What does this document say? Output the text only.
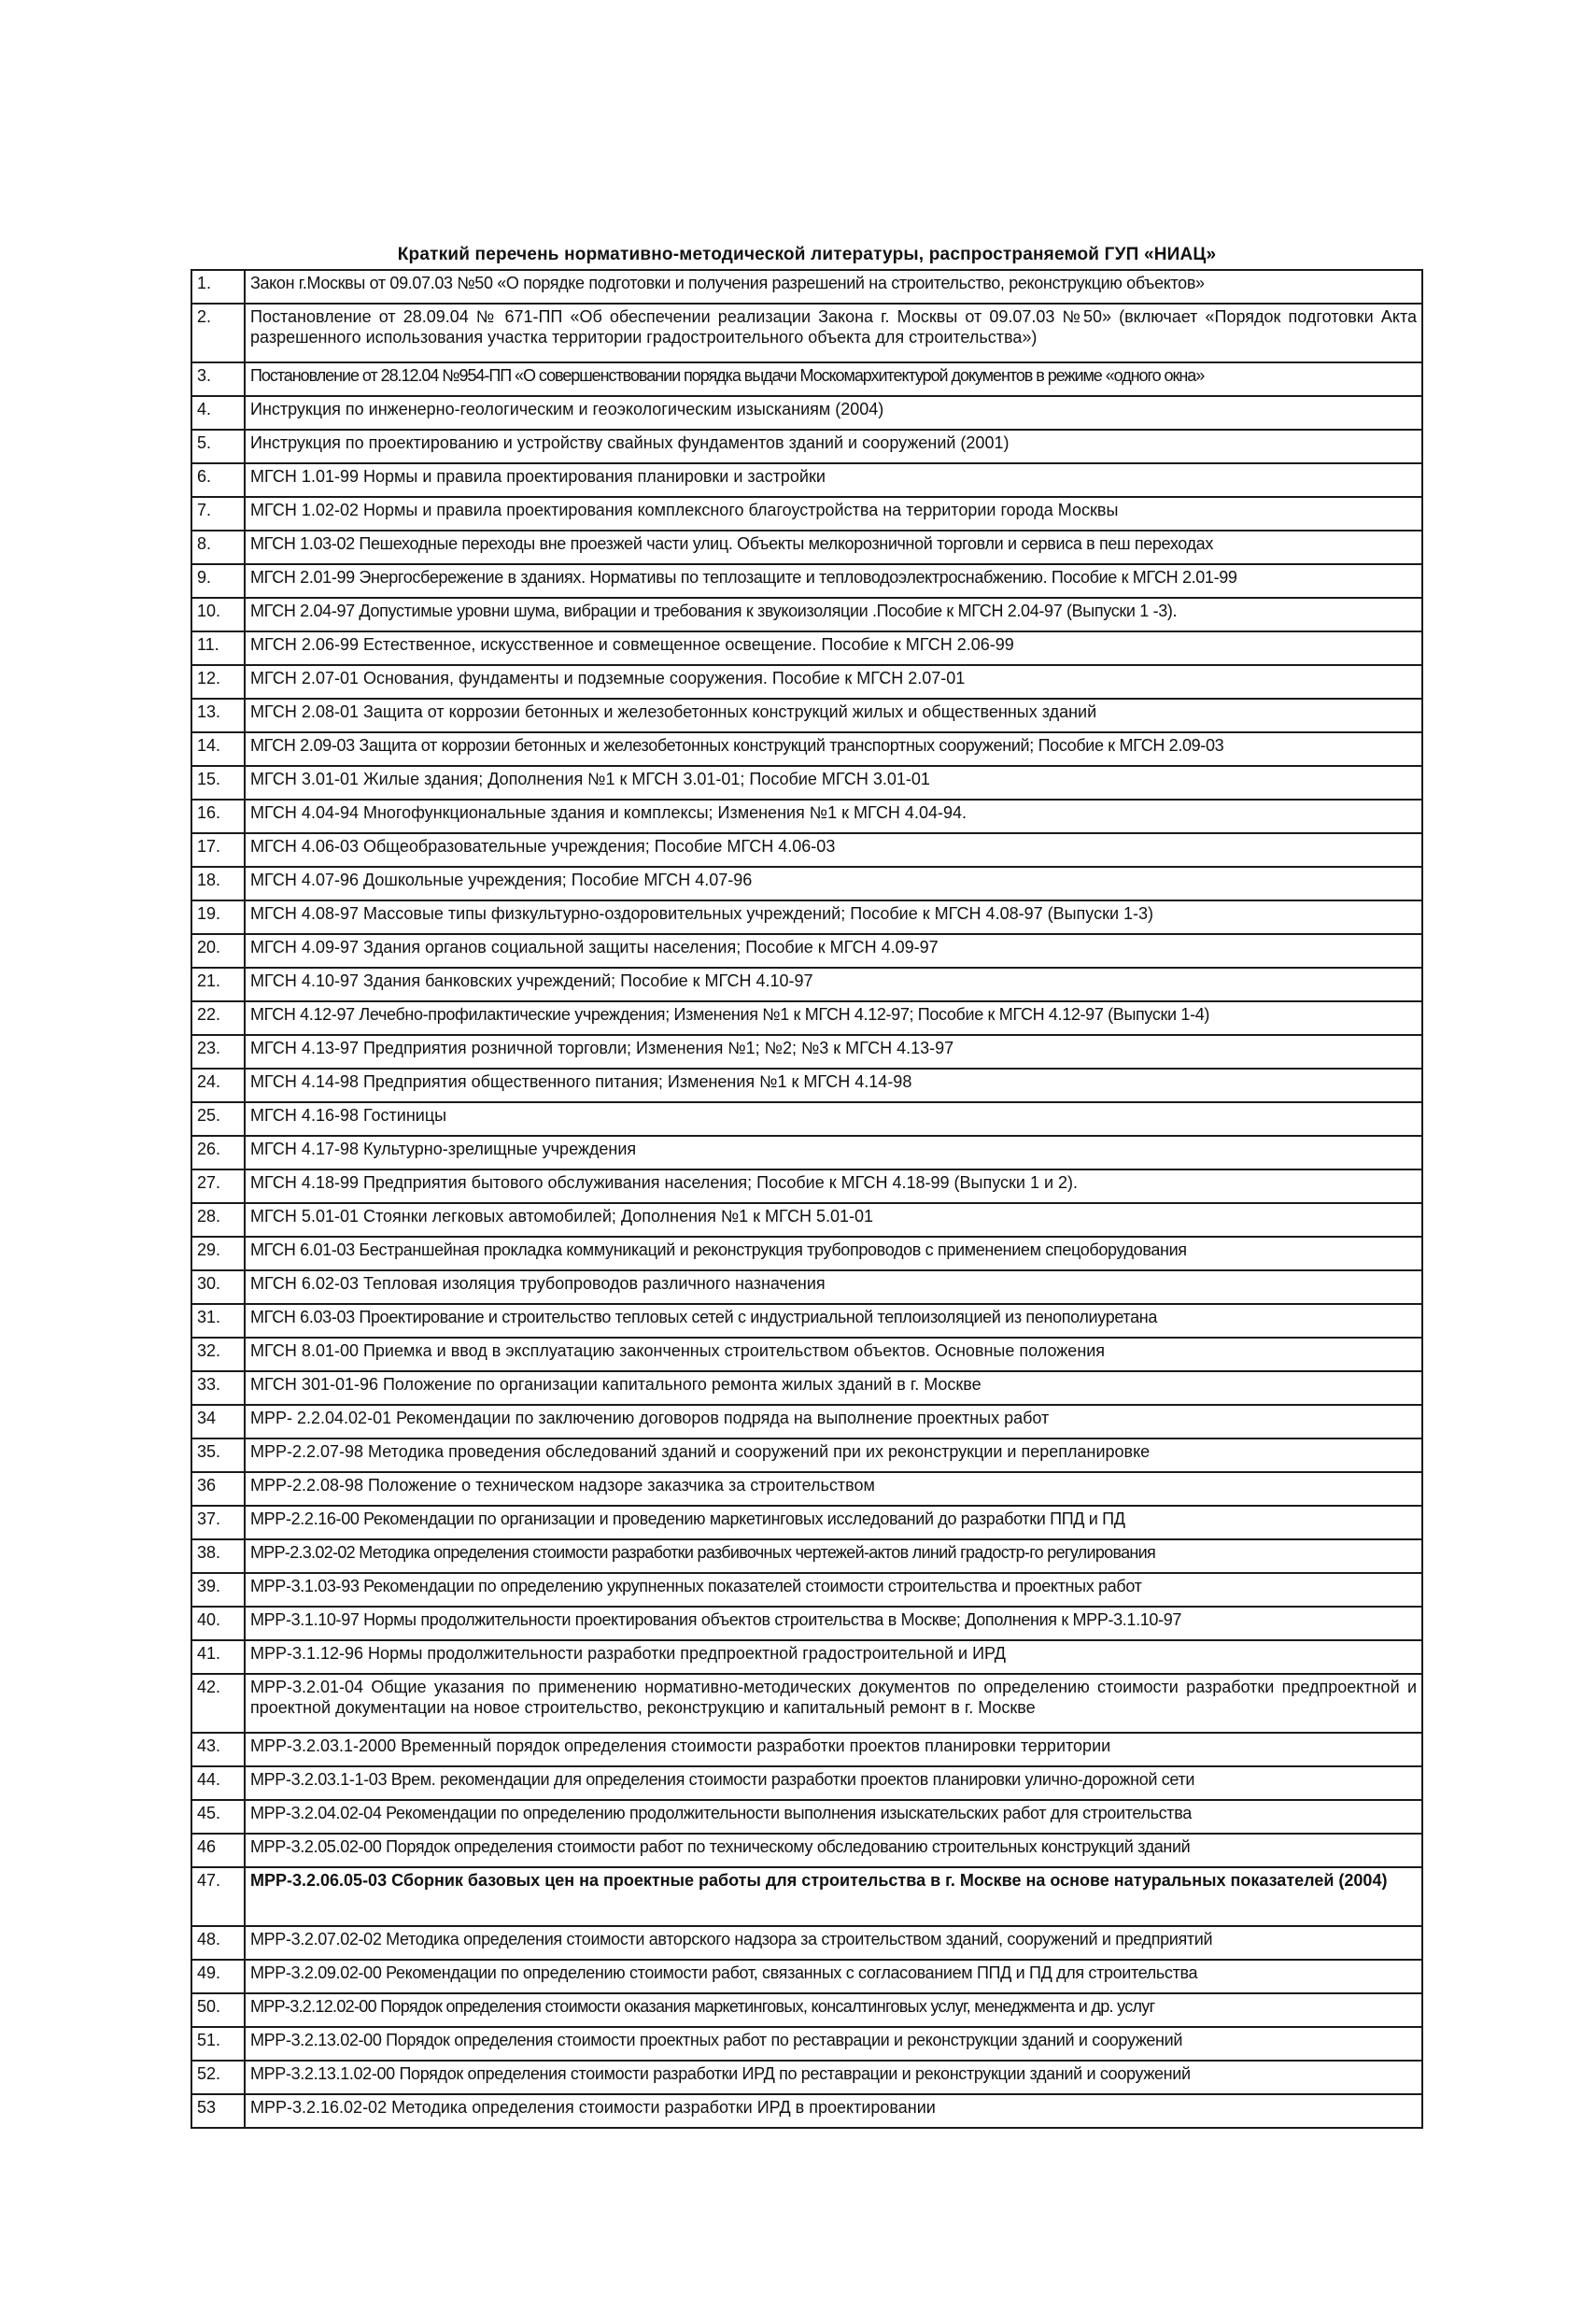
Краткий перечень нормативно-методической литературы, распространяемой ГУП «НИАЦ»
1.	Закон г.Москвы от 09.07.03 №50 «О порядке подготовки и получения разрешений на строительство, реконструкцию объектов»
2.	Постановление от 28.09.04 № 671-ПП «Об обеспечении реализации Закона г. Москвы от 09.07.03 №50» (включает «Порядок подготовки Акта разрешенного использования участка территории градостроительного объекта для строительства»)
3.	Постановление от 28.12.04 №954-ПП «О совершенствовании порядка выдачи Москомархитектурой документов в режиме «одного окна»
4.	Инструкция по инженерно-геологическим и геоэкологическим изысканиям (2004)
5.	Инструкция по проектированию и устройству свайных фундаментов зданий и сооружений (2001)
6.	МГСН 1.01-99 Нормы и правила проектирования планировки и застройки
7.	МГСН 1.02-02 Нормы и правила проектирования комплексного благоустройства на территории города Москвы
8.	МГСН 1.03-02 Пешеходные переходы вне проезжей части улиц. Объекты мелкорозничной торговли и сервиса в пеш переходах
9.	МГСН 2.01-99 Энергосбережение в зданиях. Нормативы по теплозащите и тепловодоэлектроснабжению. Пособие к МГСН 2.01-99
10.	МГСН 2.04-97 Допустимые уровни шума, вибрации и требования к звукоизоляции .Пособие к МГСН 2.04-97 (Выпуски 1 -3).
11.	МГСН 2.06-99 Естественное, искусственное и совмещенное освещение. Пособие к МГСН 2.06-99
12.	МГСН 2.07-01 Основания, фундаменты и подземные сооружения. Пособие к МГСН 2.07-01
13.	МГСН 2.08-01 Защита от коррозии бетонных и железобетонных конструкций жилых и общественных зданий
14.	МГСН 2.09-03 Защита от коррозии бетонных и железобетонных конструкций транспортных сооружений; Пособие к МГСН 2.09-03
15.	МГСН 3.01-01 Жилые здания; Дополнения №1 к МГСН 3.01-01; Пособие МГСН 3.01-01
16.	МГСН 4.04-94 Многофункциональные здания и комплексы; Изменения №1 к МГСН 4.04-94.
17.	МГСН 4.06-03 Общеобразовательные учреждения; Пособие МГСН 4.06-03
18.	МГСН 4.07-96 Дошкольные учреждения; Пособие МГСН 4.07-96
19.	МГСН 4.08-97 Массовые типы физкультурно-оздоровительных учреждений; Пособие к МГСН 4.08-97 (Выпуски 1-3)
20.	МГСН 4.09-97 Здания органов социальной защиты населения; Пособие к МГСН 4.09-97
21.	МГСН 4.10-97 Здания банковских учреждений; Пособие к МГСН 4.10-97
22.	МГСН 4.12-97 Лечебно-профилактические учреждения; Изменения №1 к МГСН 4.12-97; Пособие к МГСН 4.12-97 (Выпуски 1-4)
23.	МГСН 4.13-97 Предприятия розничной торговли; Изменения №1; №2; №3 к МГСН 4.13-97
24.	МГСН 4.14-98 Предприятия общественного питания; Изменения №1 к МГСН 4.14-98
25.	МГСН 4.16-98 Гостиницы
26.	МГСН 4.17-98 Культурно-зрелищные учреждения
27.	МГСН 4.18-99 Предприятия бытового обслуживания населения; Пособие к МГСН 4.18-99 (Выпуски 1 и 2).
28.	МГСН 5.01-01 Стоянки легковых автомобилей; Дополнения №1 к МГСН 5.01-01
29.	МГСН 6.01-03 Бестраншейная прокладка коммуникаций и реконструкция трубопроводов с применением спецоборудования
30.	МГСН 6.02-03 Тепловая изоляция трубопроводов различного назначения
31.	МГСН 6.03-03 Проектирование и строительство тепловых сетей с индустриальной теплоизоляцией из пенополиуретана
32.	МГСН 8.01-00 Приемка и ввод в эксплуатацию законченных строительством объектов. Основные положения
33.	МГСН 301-01-96 Положение по организации капитального ремонта жилых зданий в г. Москве
34	МРР- 2.2.04.02-01 Рекомендации по заключению договоров подряда на выполнение проектных работ
35.	МРР-2.2.07-98 Методика проведения обследований зданий и сооружений при их реконструкции и перепланировке
36	МРР-2.2.08-98 Положение о техническом надзоре заказчика за строительством
37.	МРР-2.2.16-00 Рекомендации по организации и проведению маркетинговых исследований до разработки ППД и ПД
38.	МРР-2.3.02-02 Методика определения стоимости разработки разбивочных чертежей-актов линий градостр-го регулирования
39.	МРР-3.1.03-93 Рекомендации по определению укрупненных показателей стоимости строительства и проектных работ
40.	МРР-3.1.10-97 Нормы продолжительности проектирования объектов строительства в Москве; Дополнения к МРР-3.1.10-97
41.	МРР-3.1.12-96 Нормы продолжительности разработки предпроектной градостроительной и ИРД
42.	МРР-3.2.01-04 Общие указания по применению нормативно-методических документов по определению стоимости разработки предпроектной и проектной документации на новое строительство, реконструкцию и капитальный ремонт в г. Москве
43.	МРР-3.2.03.1-2000 Временный порядок определения стоимости разработки проектов планировки территории
44.	МРР-3.2.03.1-1-03 Врем. рекомендации для определения стоимости разработки проектов планировки улично-дорожной сети
45.	МРР-3.2.04.02-04 Рекомендации по определению продолжительности выполнения изыскательских работ для строительства
46	МРР-3.2.05.02-00 Порядок определения стоимости работ по техническому обследованию строительных конструкций зданий
47.	МРР-3.2.06.05-03 Сборник базовых цен на проектные работы для строительства в г. Москве на основе натуральных показателей (2004)
48.	МРР-3.2.07.02-02 Методика определения стоимости авторского надзора за строительством зданий, сооружений и предприятий
49.	МРР-3.2.09.02-00 Рекомендации по определению стоимости работ, связанных с согласованием ППД и ПД для строительства
50.	МРР-3.2.12.02-00 Порядок определения стоимости оказания маркетинговых, консалтинговых услуг, менеджмента и др. услуг
51.	МРР-3.2.13.02-00 Порядок определения стоимости проектных работ по реставрации и реконструкции зданий и сооружений
52.	МРР-3.2.13.1.02-00 Порядок определения стоимости разработки ИРД по реставрации и реконструкции зданий и сооружений
53	МРР-3.2.16.02-02 Методика определения стоимости разработки ИРД в проектировании
